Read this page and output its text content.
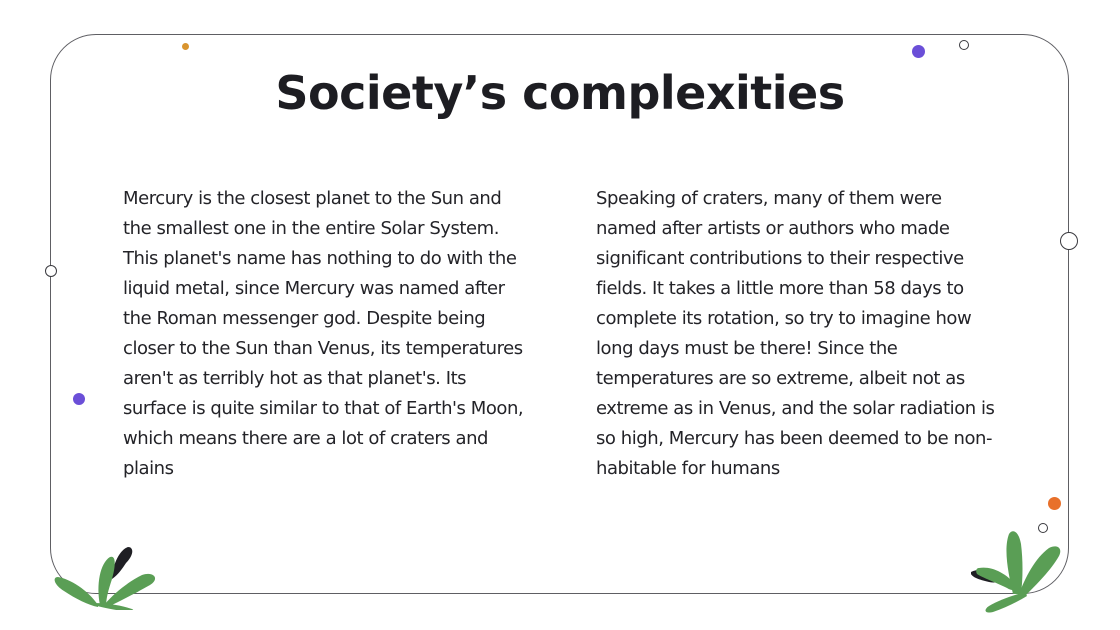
Society’s complexities

Mercury is the closest planet to the Sun and the smallest one in the entire Solar System. This planet's name has nothing to do with the liquid metal, since Mercury was named after the Roman messenger god. Despite being closer to the Sun than Venus, its temperatures aren't as terribly hot as that planet's. Its surface is quite similar to that of Earth's Moon, which means there are a lot of craters and plains

Speaking of craters, many of them were named after artists or authors who made significant contributions to their respective fields. It takes a little more than 58 days to complete its rotation, so try to imagine how long days must be there! Since the temperatures are so extreme, albeit not as extreme as in Venus, and the solar radiation is so high, Mercury has been deemed to be non-habitable for humans
